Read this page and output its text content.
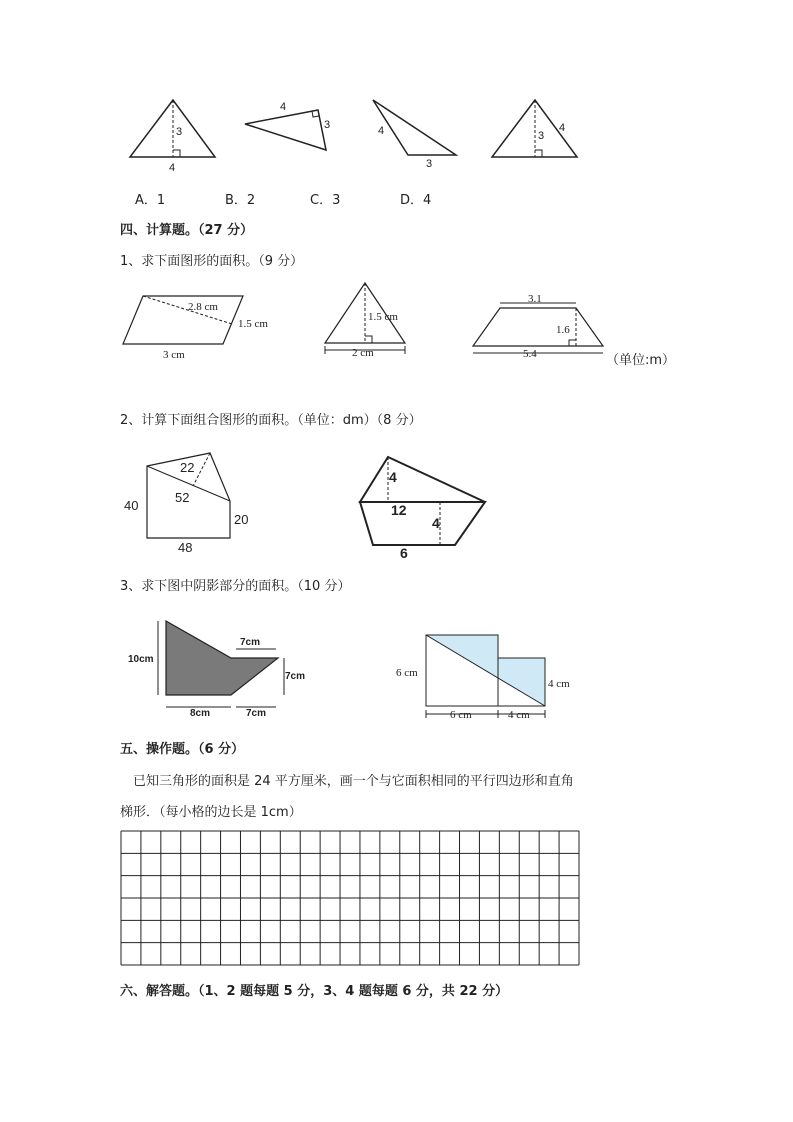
3
4
4
3	4
3
3
4
A．1	B．2	C．3	D．4
四、计算题。（27 分）
1、求下面图形的面积。（9 分）
2.8 cm
1.5 cm
3 cm
1.5 cm
2 cm
3.1
1.6
5.4	（单位:m）
2、计算下面组合图形的面积。（单位：dm）（8 分）
22
52
40
20
48
4
12
4
6
3、求下图中阴影部分的面积。（10 分）
10cm
7cm
7cm
8cm	7cm
6 cm
4 cm
6 cm	4 cm
五、操作题。（6 分）
已知三角形的面积是 24 平方厘米，画一个与它面积相同的平行四边形和直角
梯形．（每小格的边长是 1cm）
六、解答题。（1、2 题每题 5 分，3、4 题每题 6 分，共 22 分）
